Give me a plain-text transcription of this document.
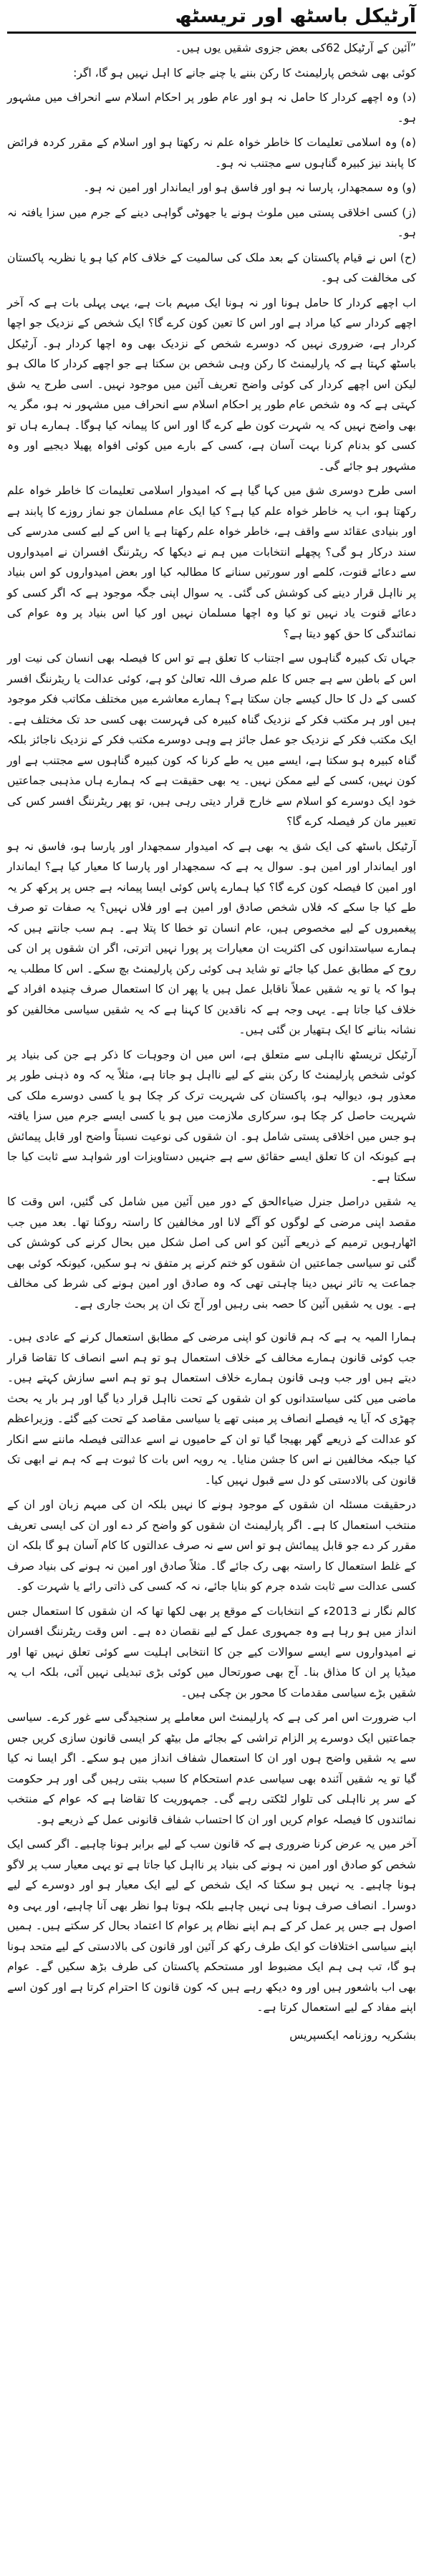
آرٹیکل باسٹھ اور تریسٹھ

”آئین کے آرٹیکل 62کی بعض جزوی شقیں یوں ہیں۔

کوئی بھی شخص پارلیمنٹ کا رکن بننے یا چنے جانے کا اہل نہیں ہو گا، اگر:

(د) وہ اچھے کردار کا حامل نہ ہو اور عام طور پر احکام اسلام سے انحراف میں مشہور ہو۔

(ہ) وہ اسلامی تعلیمات کا خاطر خواہ علم نہ رکھتا ہو اور اسلام کے مقرر کردہ فرائض کا پابند نیز کبیرہ گناہوں سے مجتنب نہ ہو۔

(و) وہ سمجھدار، پارسا نہ ہو اور فاسق ہو اور ایماندار اور امین نہ ہو۔

(ز) کسی اخلاقی پستی میں ملوث ہونے یا جھوٹی گواہی دینے کے جرم میں سزا یافتہ نہ ہو۔

(ح) اس نے قیام پاکستان کے بعد ملک کی سالمیت کے خلاف کام کیا ہو یا نظریہ پاکستان کی مخالفت کی ہو۔

اب اچھے کردار کا حامل ہونا اور نہ ہونا ایک مبہم بات ہے، یہی پہلی بات ہے کہ آخر اچھے کردار سے کیا مراد ہے اور اس کا تعین کون کرے گا؟ ایک شخص کے نزدیک جو اچھا کردار ہے، ضروری نہیں کہ دوسرے شخص کے نزدیک بھی وہ اچھا کردار ہو۔ آرٹیکل باسٹھ کہتا ہے کہ پارلیمنٹ کا رکن وہی شخص بن سکتا ہے جو اچھے کردار کا مالک ہو لیکن اس اچھے کردار کی کوئی واضح تعریف آئین میں موجود نہیں۔ اسی طرح یہ شق کہتی ہے کہ وہ شخص عام طور پر احکام اسلام سے انحراف میں مشہور نہ ہو، مگر یہ بھی واضح نہیں کہ یہ شہرت کون طے کرے گا اور اس کا پیمانہ کیا ہوگا۔ ہمارے ہاں تو کسی کو بدنام کرنا بہت آسان ہے، کسی کے بارے میں کوئی افواہ پھیلا دیجیے اور وہ مشہور ہو جائے گی۔

اسی طرح دوسری شق میں کہا گیا ہے کہ امیدوار اسلامی تعلیمات کا خاطر خواہ علم رکھتا ہو، اب یہ خاطر خواہ علم کیا ہے؟ کیا ایک عام مسلمان جو نماز روزے کا پابند ہے اور بنیادی عقائد سے واقف ہے، خاطر خواہ علم رکھتا ہے یا اس کے لیے کسی مدرسے کی سند درکار ہو گی؟ پچھلے انتخابات میں ہم نے دیکھا کہ ریٹرننگ افسران نے امیدواروں سے دعائے قنوت، کلمے اور سورتیں سنانے کا مطالبہ کیا اور بعض امیدواروں کو اس بنیاد پر نااہل قرار دینے کی کوشش کی گئی۔ یہ سوال اپنی جگہ موجود ہے کہ اگر کسی کو دعائے قنوت یاد نہیں تو کیا وہ اچھا مسلمان نہیں اور کیا اس بنیاد پر وہ عوام کی نمائندگی کا حق کھو دیتا ہے؟

جہاں تک کبیرہ گناہوں سے اجتناب کا تعلق ہے تو اس کا فیصلہ بھی انسان کی نیت اور اس کے باطن سے ہے جس کا علم صرف اللہ تعالیٰ کو ہے، کوئی عدالت یا ریٹرننگ افسر کسی کے دل کا حال کیسے جان سکتا ہے؟ ہمارے معاشرے میں مختلف مکاتب فکر موجود ہیں اور ہر مکتب فکر کے نزدیک گناہ کبیرہ کی فہرست بھی کسی حد تک مختلف ہے۔ ایک مکتب فکر کے نزدیک جو عمل جائز ہے وہی دوسرے مکتب فکر کے نزدیک ناجائز بلکہ گناہ کبیرہ ہو سکتا ہے، ایسے میں یہ طے کرنا کہ کون کبیرہ گناہوں سے مجتنب ہے اور کون نہیں، کسی کے لیے ممکن نہیں۔ یہ بھی حقیقت ہے کہ ہمارے ہاں مذہبی جماعتیں خود ایک دوسرے کو اسلام سے خارج قرار دیتی رہی ہیں، تو پھر ریٹرننگ افسر کس کی تعبیر مان کر فیصلہ کرے گا؟

آرٹیکل باسٹھ کی ایک شق یہ بھی ہے کہ امیدوار سمجھدار اور پارسا ہو، فاسق نہ ہو اور ایماندار اور امین ہو۔ سوال یہ ہے کہ سمجھدار اور پارسا کا معیار کیا ہے؟ ایماندار اور امین کا فیصلہ کون کرے گا؟ کیا ہمارے پاس کوئی ایسا پیمانہ ہے جس پر پرکھ کر یہ طے کیا جا سکے کہ فلاں شخص صادق اور امین ہے اور فلاں نہیں؟ یہ صفات تو صرف پیغمبروں کے لیے مخصوص ہیں، عام انسان تو خطا کا پتلا ہے۔ ہم سب جانتے ہیں کہ ہمارے سیاستدانوں کی اکثریت ان معیارات پر پورا نہیں اترتی، اگر ان شقوں پر ان کی روح کے مطابق عمل کیا جائے تو شاید ہی کوئی رکن پارلیمنٹ بچ سکے۔ اس کا مطلب یہ ہوا کہ یا تو یہ شقیں عملاً ناقابل عمل ہیں یا پھر ان کا استعمال صرف چنیدہ افراد کے خلاف کیا جاتا ہے۔ یہی وجہ ہے کہ ناقدین کا کہنا ہے کہ یہ شقیں سیاسی مخالفین کو نشانہ بنانے کا ایک ہتھیار بن گئی ہیں۔

آرٹیکل تریسٹھ نااہلی سے متعلق ہے، اس میں ان وجوہات کا ذکر ہے جن کی بنیاد پر کوئی شخص پارلیمنٹ کا رکن بننے کے لیے نااہل ہو جاتا ہے، مثلاً یہ کہ وہ ذہنی طور پر معذور ہو، دیوالیہ ہو، پاکستان کی شہریت ترک کر چکا ہو یا کسی دوسرے ملک کی شہریت حاصل کر چکا ہو، سرکاری ملازمت میں ہو یا کسی ایسے جرم میں سزا یافتہ ہو جس میں اخلاقی پستی شامل ہو۔ ان شقوں کی نوعیت نسبتاً واضح اور قابل پیمائش ہے کیونکہ ان کا تعلق ایسے حقائق سے ہے جنہیں دستاویزات اور شواہد سے ثابت کیا جا سکتا ہے۔

یہ شقیں دراصل جنرل ضیاءالحق کے دور میں آئین میں شامل کی گئیں، اس وقت کا مقصد اپنی مرضی کے لوگوں کو آگے لانا اور مخالفین کا راستہ روکنا تھا۔ بعد میں جب اٹھارہویں ترمیم کے ذریعے آئین کو اس کی اصل شکل میں بحال کرنے کی کوشش کی گئی تو سیاسی جماعتیں ان شقوں کو ختم کرنے پر متفق نہ ہو سکیں، کیونکہ کوئی بھی جماعت یہ تاثر نہیں دینا چاہتی تھی کہ وہ صادق اور امین ہونے کی شرط کی مخالف ہے۔ یوں یہ شقیں آئین کا حصہ بنی رہیں اور آج تک ان پر بحث جاری ہے۔

ہمارا المیہ یہ ہے کہ ہم قانون کو اپنی مرضی کے مطابق استعمال کرنے کے عادی ہیں۔ جب کوئی قانون ہمارے مخالف کے خلاف استعمال ہو تو ہم اسے انصاف کا تقاضا قرار دیتے ہیں اور جب وہی قانون ہمارے خلاف استعمال ہو تو ہم اسے سازش کہتے ہیں۔ ماضی میں کئی سیاستدانوں کو ان شقوں کے تحت نااہل قرار دیا گیا اور ہر بار یہ بحث چھڑی کہ آیا یہ فیصلے انصاف پر مبنی تھے یا سیاسی مقاصد کے تحت کیے گئے۔ وزیراعظم کو عدالت کے ذریعے گھر بھیجا گیا تو ان کے حامیوں نے اسے عدالتی فیصلہ ماننے سے انکار کیا جبکہ مخالفین نے اس کا جشن منایا۔ یہ رویہ اس بات کا ثبوت ہے کہ ہم نے ابھی تک قانون کی بالادستی کو دل سے قبول نہیں کیا۔

درحقیقت مسئلہ ان شقوں کے موجود ہونے کا نہیں بلکہ ان کی مبہم زبان اور ان کے منتخب استعمال کا ہے۔ اگر پارلیمنٹ ان شقوں کو واضح کر دے اور ان کی ایسی تعریف مقرر کر دے جو قابل پیمائش ہو تو اس سے نہ صرف عدالتوں کا کام آسان ہو گا بلکہ ان کے غلط استعمال کا راستہ بھی رک جائے گا۔ مثلاً صادق اور امین نہ ہونے کی بنیاد صرف کسی عدالت سے ثابت شدہ جرم کو بنایا جائے، نہ کہ کسی کی ذاتی رائے یا شہرت کو۔

کالم نگار نے 2013ء کے انتخابات کے موقع پر بھی لکھا تھا کہ ان شقوں کا استعمال جس انداز میں ہو رہا ہے وہ جمہوری عمل کے لیے نقصان دہ ہے۔ اس وقت ریٹرننگ افسران نے امیدواروں سے ایسے سوالات کیے جن کا انتخابی اہلیت سے کوئی تعلق نہیں تھا اور میڈیا پر ان کا مذاق بنا۔ آج بھی صورتحال میں کوئی بڑی تبدیلی نہیں آئی، بلکہ اب یہ شقیں بڑے سیاسی مقدمات کا محور بن چکی ہیں۔

اب ضرورت اس امر کی ہے کہ پارلیمنٹ اس معاملے پر سنجیدگی سے غور کرے۔ سیاسی جماعتیں ایک دوسرے پر الزام تراشی کے بجائے مل بیٹھ کر ایسی قانون سازی کریں جس سے یہ شقیں واضح ہوں اور ان کا استعمال شفاف انداز میں ہو سکے۔ اگر ایسا نہ کیا گیا تو یہ شقیں آئندہ بھی سیاسی عدم استحکام کا سبب بنتی رہیں گی اور ہر حکومت کے سر پر نااہلی کی تلوار لٹکتی رہے گی۔ جمہوریت کا تقاضا ہے کہ عوام کے منتخب نمائندوں کا فیصلہ عوام کریں اور ان کا احتساب شفاف قانونی عمل کے ذریعے ہو۔

آخر میں یہ عرض کرنا ضروری ہے کہ قانون سب کے لیے برابر ہونا چاہیے۔ اگر کسی ایک شخص کو صادق اور امین نہ ہونے کی بنیاد پر نااہل کیا جاتا ہے تو یہی معیار سب پر لاگو ہونا چاہیے۔ یہ نہیں ہو سکتا کہ ایک شخص کے لیے ایک معیار ہو اور دوسرے کے لیے دوسرا۔ انصاف صرف ہونا ہی نہیں چاہیے بلکہ ہوتا ہوا نظر بھی آنا چاہیے، اور یہی وہ اصول ہے جس پر عمل کر کے ہم اپنے نظام پر عوام کا اعتماد بحال کر سکتے ہیں۔ ہمیں اپنے سیاسی اختلافات کو ایک طرف رکھ کر آئین اور قانون کی بالادستی کے لیے متحد ہونا ہو گا، تب ہی ہم ایک مضبوط اور مستحکم پاکستان کی طرف بڑھ سکیں گے۔ عوام بھی اب باشعور ہیں اور وہ دیکھ رہے ہیں کہ کون قانون کا احترام کرتا ہے اور کون اسے اپنے مفاد کے لیے استعمال کرتا ہے۔

بشکریہ روزنامہ ایکسپریس
